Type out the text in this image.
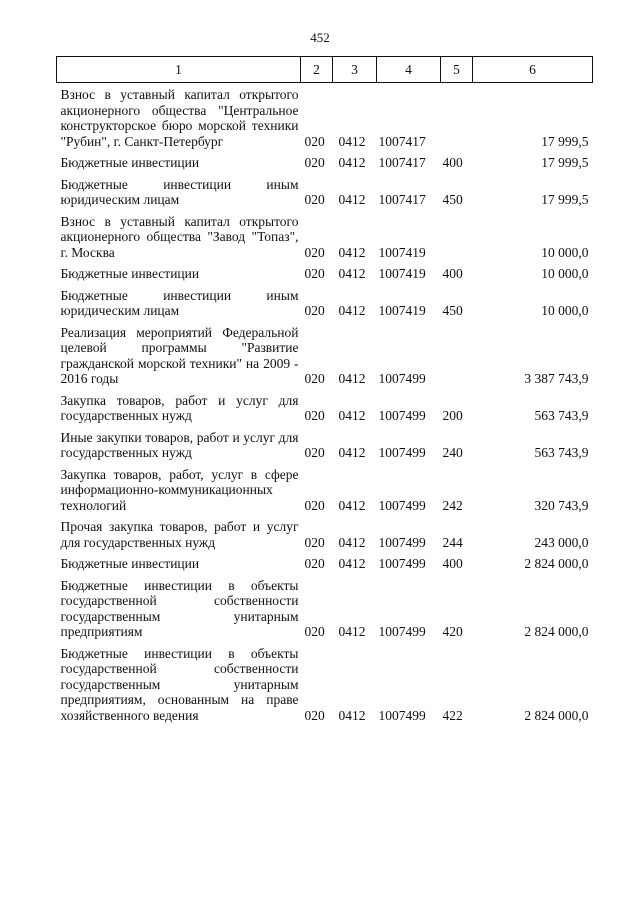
452
1	2	3	4	5	6
Взнос в уставный капитал открытого акционерного общества "Центральное конструкторское бюро морской техники "Рубин", г. Санкт-Петербург	020	0412	1007417		17 999,5
Бюджетные инвестиции	020	0412	1007417	400	17 999,5
Бюджетные инвестиции иным юридическим лицам	020	0412	1007417	450	17 999,5
Взнос в уставный капитал открытого акционерного общества "Завод "Топаз", г. Москва	020	0412	1007419		10 000,0
Бюджетные инвестиции	020	0412	1007419	400	10 000,0
Бюджетные инвестиции иным юридическим лицам	020	0412	1007419	450	10 000,0
Реализация мероприятий Федеральной целевой программы "Развитие гражданской морской техники" на 2009 - 2016 годы	020	0412	1007499		3 387 743,9
Закупка товаров, работ и услуг для государственных нужд	020	0412	1007499	200	563 743,9
Иные закупки товаров, работ и услуг для государственных нужд	020	0412	1007499	240	563 743,9
Закупка товаров, работ, услуг в сфере информационно-коммуникационных технологий	020	0412	1007499	242	320 743,9
Прочая закупка товаров, работ и услуг для государственных нужд	020	0412	1007499	244	243 000,0
Бюджетные инвестиции	020	0412	1007499	400	2 824 000,0
Бюджетные инвестиции в объекты государственной собственности государственным унитарным предприятиям	020	0412	1007499	420	2 824 000,0
Бюджетные инвестиции в объекты государственной собственности государственным унитарным предприятиям, основанным на праве хозяйственного ведения	020	0412	1007499	422	2 824 000,0
